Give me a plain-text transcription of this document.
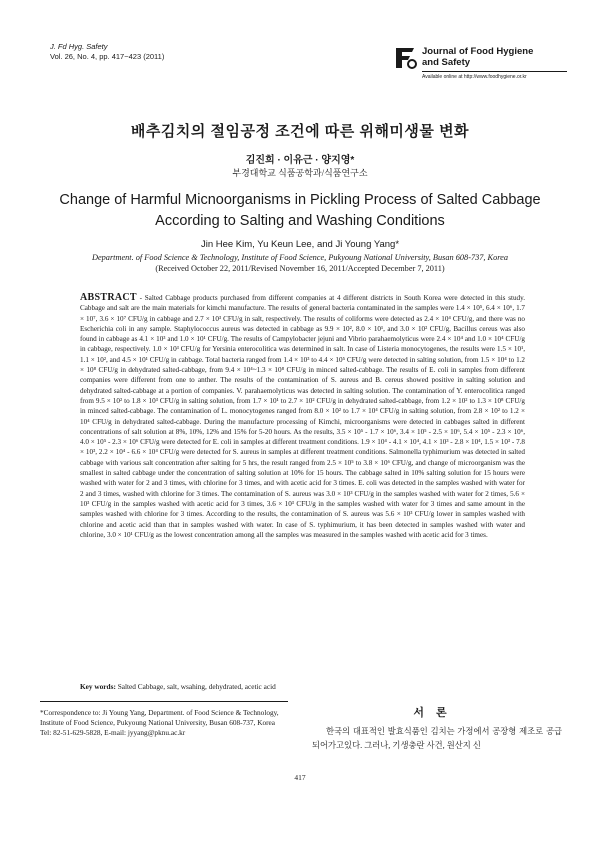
J. Fd Hyg. Safety
Vol. 26, No. 4, pp. 417~423 (2011)	Journal of Food Hygiene
and Safety
Available online at http://www.foodhygiene.or.kr
배추김치의 절임공정 조건에 따른 위해미생물 변화
김진희 · 이유근 · 양지영*
부경대학교 식품공학과/식품연구소
Change of Harmful Micnoorganisms in Pickling Process of Salted Cabbage
According to Salting and Washing Conditions
Jin Hee Kim, Yu Keun Lee, and Ji Young Yang*
Department. of Food Science & Technology, Institute of Food Science, Pukyoung National University, Busan 608-737, Korea
(Received October 22, 2011/Revised November 16, 2011/Accepted December 7, 2011)
ABSTRACT - Salted Cabbage products purchased from different companies at 4 different districts in South Korea were detected in this study. Cabbage and salt are the main materials for kimchi manufacture. The results of general bacteria contaminated in the samples were 1.4 × 10⁵, 6.4 × 10⁶, 1.7 × 10⁷, 3.6 × 10⁷ CFU/g in cabbage and 2.7 × 10³ CFU/g in salt, respectively. The results of coliforms were detected as 2.4 × 10⁴ CFU/g, and there was no Escherichia coli in any sample. Staphylococcus aureus was detected in cabbage as 9.9 × 10², 8.0 × 10¹, and 3.0 × 10² CFU/g, Bacillus cereus was also found in cabbage as 4.1 × 10³ and 1.0 × 10¹ CFU/g. The results of Campylobacter jejuni and Vibrio parahaemolyticus were 2.4 × 10⁴ and 1.0 × 10⁴ CFU/g in cabbage, respectively. 1.0 × 10³ CFU/g for Yersinia enterocolitica was determined in salt. In case of Listeria monocytogenes, the results were 1.5 × 10¹, 1.1 × 10², and 4.5 × 10¹ CFU/g in cabbage. Total bacteria ranged from 1.4 × 10³ to 4.4 × 10⁵ CFU/g were detected in salting solution, from 1.5 × 10⁴ to 1.2 × 10⁸ CFU/g in dehydrated salted-cabbage, from 9.4 × 10⁴~1.3 × 10⁸ CFU/g in minced salted-cabbage. The results of E. coli in samples from different companies were different from one to anther. The results of the contamination of S. aureus and B. cereus showed positive in salting solution and dehydrated salted-cabbage at a portion of companies. V. parahaemolyticus was detected in salting solution. The contamination of Y. enterocolitica ranged from 9.5 × 10² to 1.8 × 10³ CFU/g in salting solution, from 1.7 × 10¹ to 2.7 × 10² CFU/g in dehydrated salted-cabbage, from 1.2 × 10² to 1.3 × 10⁸ CFU/g in minced salted-cabbage. The contamination of L. monocytogenes ranged from 8.0 × 10² to 1.7 × 10⁴ CFU/g in salting solution, from 2.8 × 10² to 1.2 × 10⁴ CFU/g in dehydrated salted-cabbage. During the manufacture processing of Kimchi, microorganisms were detected in cabbages salted in different concentrations of salt solution at 8%, 10%, 12% and 15% for 5-20 hours. As the results, 3.5 × 10⁵ - 1.7 × 10⁶, 3.4 × 10⁵ - 2.5 × 10⁶, 5.4 × 10⁵ - 2.3 × 10⁶, 4.0 × 10⁵ - 2.3 × 10⁶ CFU/g were detected for E. coli in samples at different treatment conditions. 1.9 × 10⁴ - 4.1 × 10⁴, 4.1 × 10³ - 2.8 × 10⁴, 1.5 × 10³ - 7.8 × 10³, 2.2 × 10⁴ - 6.6 × 10⁴ CFU/g were detected for S. aureus in samples at different treatment conditions. Salmonella typhimurium was detected in salted cabbage with various salt concentration after salting for 5 hrs, the result ranged from 2.5 × 10⁵ to 3.8 × 10⁶ CFU/g, and change of microorganism was the smallest in salted cabbage under the concentration of salting solution at 10% for 15 hours. The cabbage salted in 10% salting solution for 15 hours were washed with water for 2 and 3 times, with chlorine for 3 times, and with acetic acid for 3 times. E. coli was detected in the samples washed with water for 2 and 3 times, washed with chlorine for 3 times. The contamination of S. aureus was 3.0 × 10³ CFU/g in the samples washed with water for 2 times, 5.6 × 10³ CFU/g in the samples washed with acetic acid for 3 times, 3.6 × 10³ CFU/g in the samples washed with water for 3 times and same amount in the samples washed with chlorine for 3 times. According to the results, the contamination of S. aureus was 5.6 × 10³ CFU/g lower in samples washed with chlorine and acetic acid than that in samples washed with water. In case of S. typhimurium, it has been detected in samples washed with water and chlorine, 3.0 × 10¹ CFU/g as the lowest concentration among all the samples was measured in the samples washed with acetic acid for 3 times.
Key words: Salted Cabbage, salt, wsahing, dehydrated, acetic acid
*Correspondence to: Ji Young Yang, Department. of Food Science & Technology, Institute of Food Science, Pukyoung National University, Busan 608-737, Korea
Tel: 82-51-629-5828, E-mail: jyyang@pknu.ac.kr
서론
한국의 대표적인 발효식품인 김치는 가정에서 공장형 제조로 공급되어가고있다. 그러나, 기생충란 사건, 원산지 신
417
